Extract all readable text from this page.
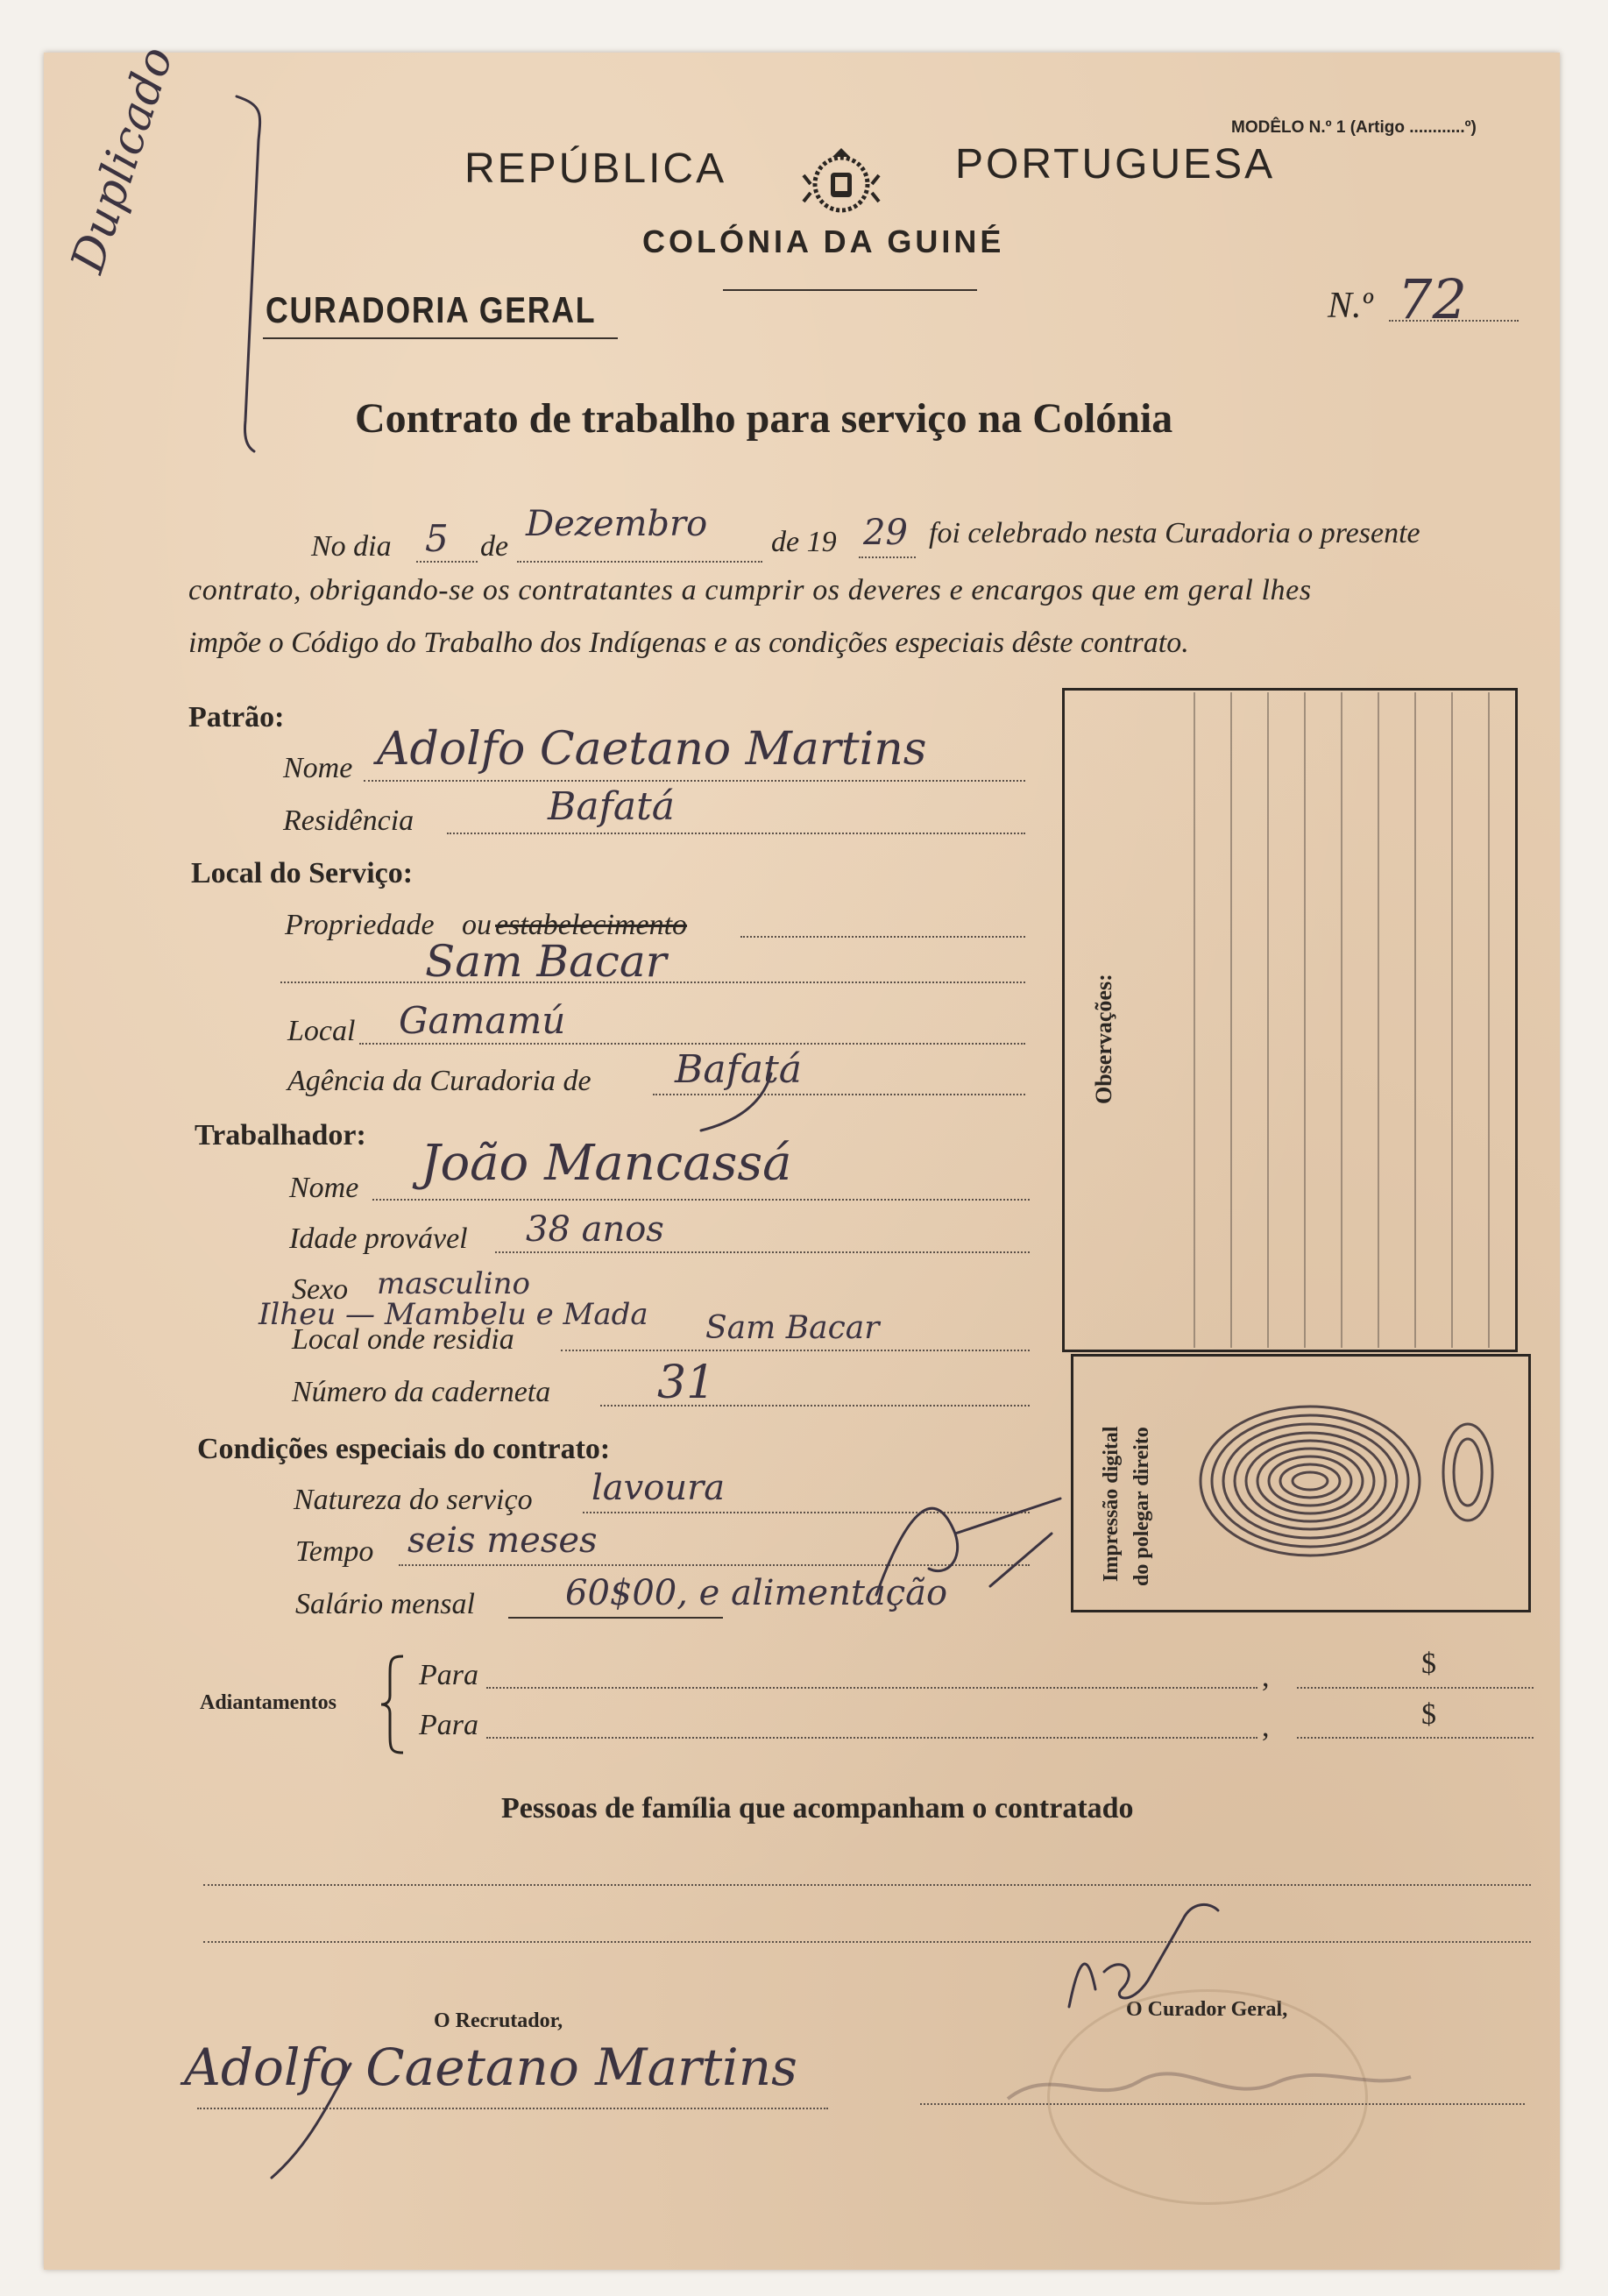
Duplicado	MODÊLO N.º 1 (Artigo ............º)
REPÚBLICA	PORTUGUESA
COLÓNIA DA GUINÉ
CURADORIA GERAL	N.º 72
Contrato de trabalho para serviço na Colónia
No dia 5 de
Dezembro de 19 29 foi celebrado nesta Curadoria o presente
contrato, obrigando-se os contratantes a cumprir os deveres e encargos que em geral lhes
impõe o Código do Trabalho dos Indígenas e as condições especiais dêste contrato.
Patrão:
Nome Adolfo Caetano Martins
Residência	Bafatá
Local do Serviço:
Propriedade ou estabelecimento
Sam Bacar
Local Gamamú
Agência da Curadoria de Bafatá
Trabalhador:
Nome João Mancassá
Idade provável 38 anos
Sexo masculino
Ilheu — Mambelu e Mada
Local onde residia	Sam Bacar
Número da caderneta 31
Condições especiais do contrato:
Natureza do serviço lavoura
Tempo seis meses
Salário mensal	60$00, e alimentação
Observações:
Impressão digital do polegar direito
Adiantamentos
Para	,	$
Para	,	$
Pessoas de família que acompanham o contratado
O Recrutador,
Adolfo Caetano Martins
O Curador Geral,
